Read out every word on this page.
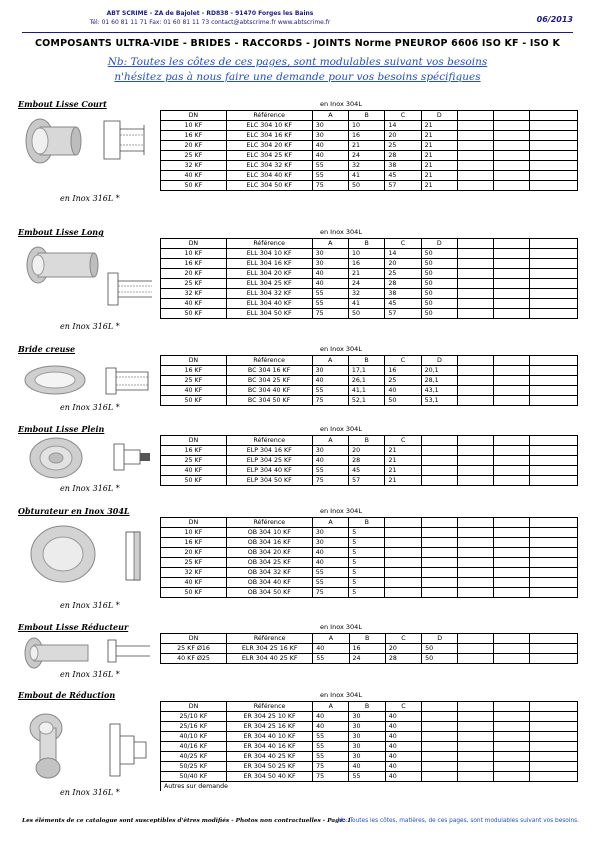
ABT SCRIME - ZA de Bajolet - RD838 - 91470 Forges les Bains
Tél: 01 60 81 11 71 Fax: 01 60 81 11 73 contact@abtscrime.fr www.abtscrime.fr	06/2013
COMPOSANTS ULTRA-VIDE - BRIDES - RACCORDS - JOINTS Norme PNEUROP 6606 ISO KF - ISO K
Nb: Toutes les côtes de ces pages, sont modulables suivant vos besoins
n'hésitez pas à nous faire une demande pour vos besoins spécifiques
Embout Lisse Court	en Inox 304L
en Inox 316L *
DN	Référence	A	B	C	D			
10 KF	ELC 304 10 KF	30	10	14	21			
16 KF	ELC 304 16 KF	30	16	20	21			
20 KF	ELC 304 20 KF	40	21	25	21			
25 KF	ELC 304 25 KF	40	24	28	21			
32 KF	ELC 304 32 KF	55	32	38	21			
40 KF	ELC 304 40 KF	55	41	45	21			
50 KF	ELC 304 50 KF	75	50	57	21			
Embout Lisse Long	en Inox 304L
en Inox 316L *
DN	Référence	A	B	C	D			
10 KF	ELL 304 10 KF	30	10	14	50			
16 KF	ELL 304 16 KF	30	16	20	50			
20 KF	ELL 304 20 KF	40	21	25	50			
25 KF	ELL 304 25 KF	40	24	28	50			
32 KF	ELL 304 32 KF	55	32	38	50			
40 KF	ELL 304 40 KF	55	41	45	50			
50 KF	ELL 304 50 KF	75	50	57	50			
Bride creuse	en Inox 304L
en Inox 316L *
DN	Référence	A	B	C	D			
16 KF	BC 304 16 KF	30	17,1	16	20,1			
25 KF	BC 304 25 KF	40	26,1	25	28,1			
40 KF	BC 304 40 KF	55	41,1	40	43,1			
50 KF	BC 304 50 KF	75	52,1	50	53,1			
Embout Lisse Plein	en Inox 304L
en Inox 316L *
DN	Référence	A	B	C				
16 KF	ELP 304 16 KF	30	20	21				
25 KF	ELP 304 25 KF	40	28	21				
40 KF	ELP 304 40 KF	55	45	21				
50 KF	ELP 304 50 KF	75	57	21				
Obturateur en Inox 304L	en Inox 304L
en Inox 316L *
DN	Référence	A	B					
10 KF	OB 304 10 KF	30	5					
16 KF	OB 304 16 KF	30	5					
20 KF	OB 304 20 KF	40	5					
25 KF	OB 304 25 KF	40	5					
32 KF	OB 304 32 KF	55	5					
40 KF	OB 304 40 KF	55	5					
50 KF	OB 304 50 KF	75	5					
Embout Lisse Réducteur	en Inox 304L
en Inox 316L *
DN	Référence	A	B	C	D			
25 KF Ø16	ELR 304 25 16 KF	40	16	20	50			
40 KF Ø25	ELR 304 40 25 KF	55	24	28	50			
Embout de Réduction	en Inox 304L
en Inox 316L *
DN	Référence	A	B	C				
25/10 KF	ER 304 25 10 KF	40	30	40				
25/16 KF	ER 304 25 16 KF	40	30	40				
40/10 KF	ER 304 40 10 KF	55	30	40				
40/16 KF	ER 304 40 16 KF	55	30	40				
40/25 KF	ER 304 40 25 KF	55	30	40				
50/25 KF	ER 304 50 25 KF	75	40	40				
50/40 KF	ER 304 50 40 KF	75	55	40				
Autres sur demande								
Les éléments de ce catalogue sont susceptibles d'êtres modifiés - Photos non contractuelles - Page: 1
Nb: Toutes les côtes, matières, de ces pages, sont modulables suivant vos besoins.
